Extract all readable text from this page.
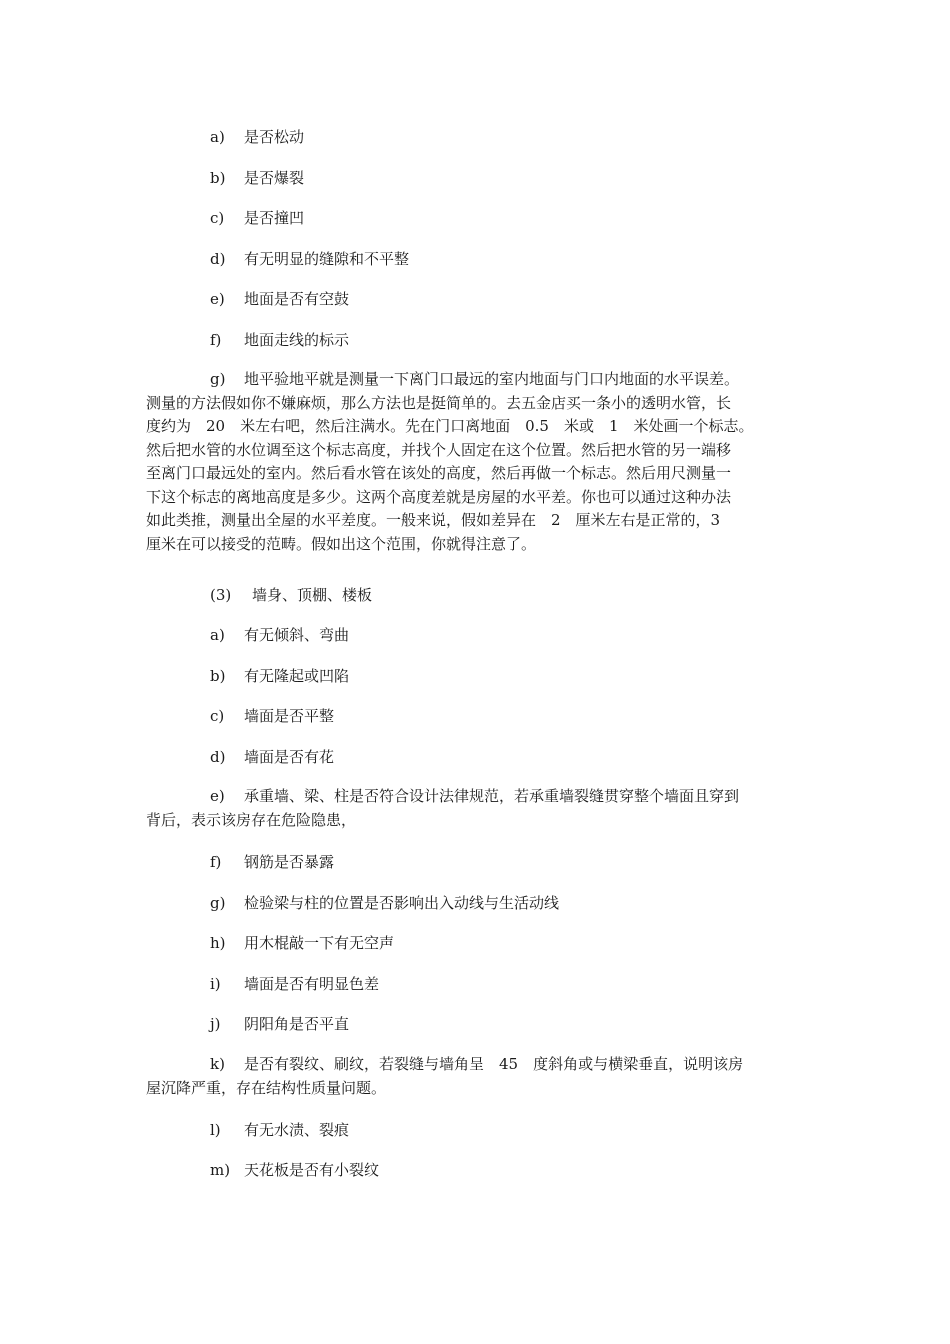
a) 是否松动
b) 是否爆裂
c) 是否撞凹
d) 有无明显的缝隙和不平整
e) 地面是否有空鼓
f) 地面走线的标示
g) 地平验地平就是测量一下离门口最远的室内地面与门口内地面的水平误差。
测量的方法假如你不嫌麻烦，那么方法也是挺简单的。去五金店买一条小的透明水管，长
度约为　20　米左右吧，然后注满水。先在门口离地面　0.5　米或　1　米处画一个标志。
然后把水管的水位调至这个标志高度，并找个人固定在这个位置。然后把水管的另一端移
至离门口最远处的室内。然后看水管在该处的高度，然后再做一个标志。然后用尺测量一
下这个标志的离地高度是多少。这两个高度差就是房屋的水平差。你也可以通过这种办法
如此类推，测量出全屋的水平差度。一般来说，假如差异在　2　厘米左右是正常的，3
厘米在可以接受的范畴。假如出这个范围，你就得注意了。
(3) 墙身、顶棚、楼板
a) 有无倾斜、弯曲
b) 有无隆起或凹陷
c) 墙面是否平整
d) 墙面是否有花
e) 承重墙、梁、柱是否符合设计法律规范，若承重墙裂缝贯穿整个墙面且穿到
背后，表示该房存在危险隐患，
f) 钢筋是否暴露
g) 检验梁与柱的位置是否影响出入动线与生活动线
h) 用木棍敲一下有无空声
i) 墙面是否有明显色差
j) 阴阳角是否平直
k) 是否有裂纹、刷纹，若裂缝与墙角呈　45　度斜角或与横梁垂直，说明该房
屋沉降严重，存在结构性质量问题。
l) 有无水渍、裂痕
m) 天花板是否有小裂纹
